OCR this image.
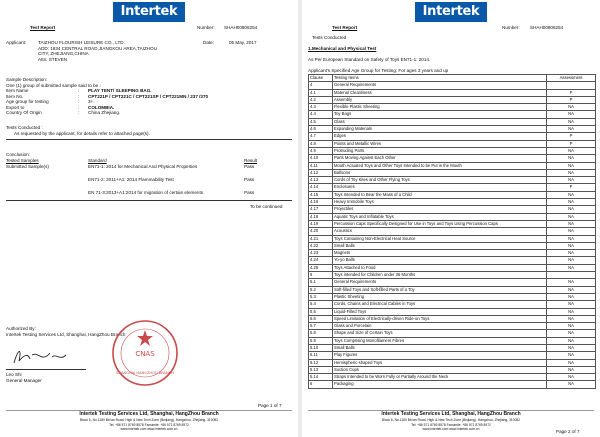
Intertek
Test Report	Number: SHAH00806254
Applicant:	TAIZHOU FLOURISH LEISURE CO., LTD.
ADD: 1934 CENTRAL ROAD,JIANGKOU AREA,TAIZHOU
CITY, ZHEJIANG,CHINA
Attn: STEVEN
Date:	05 May, 2017
Sample Description:
One (1) group of submitted sample said to be :
Item Name	: PLAY TENT/ SLEEPING BAG.
Item No.	: CPT221P / CPT221C / CPT221SP / CPT221MN / 237 /370
Age group for testing	: 3+.
Export to	: COLOMBIA.
Country Of Origin	: China Zhejiang.
Tests Conducted :
As requested by the applicant, for details refer to attached page(s).
Conclusion:
Tested Samples	Standard	Result
Submitted Sample(s)	EN71-1: 2014 for Mechanical And Physical Properties	Pass
EN71-2: 2011+A1: 2014 Flammability Test	Pass
EN 71-3:2013+A1:2014 for migration of certain elements	Pass
To be continued
Authorized By:
Intertek Testing Services Ltd, Shanghai, HangZhou Branch
Leo Shi
General Manager
CNAS
SHANGHAI HANGZHOU BRANCH
Page 1 of 7
Intertek Testing Services Ltd, Shanghai, HangZhou Branch
Block 6, No.1180 Bin'an Road, High & New Tech Zone (Binjiang), Hangzhou, Zhejiang, 310052
Tel: +86 571 8769 8578 Facsimile: +86 571 8769 8972
www.intertek.com www.intertek.com.cn
Intertek
Test Report	Number: SHAH00806254
Tests Conducted
1.Mechanical and Physical Test
As Per European Standard on Safety of Toys EN71-1: 2014.
Applicant's Specified Age Group for Testing: For ages 3 years and up
Clause	Testing Items	Assessment
4	General Requirements	
4.1	Material Cleanliness	P
4.2	Assembly	P
4.3	Flexible Plastic Sheeting	NA
4.4	Toy Bags	NA
4.5	Glass	NA
4.6	Expanding Materials	NA
4.7	Edges	P
4.8	Points and Metallic Wires	P
4.9	Protruding Parts	NA
4.10	Parts Moving Against Each Other	NA
4.11	Mouth Actuated Toys and Other Toys Intended to be Put in the Mouth	NA
4.12	Balloons	NA
4.13	Cords of Toy Kites and Other Flying Toys	NA
4.14	Enclosures	P
4.15	Toys Intended to Bear the Mass of a Child	NA
4.16	Heavy Immobile Toys	NA
4.17	Projectiles	NA
4.18	Aquatic Toys and Inflatable Toys	NA
4.19	Percussion Caps Specifically Designed for Use in Toys and Toys Using Percussion Caps	NA
4.20	Acoustics	NA
4.21	Toys Containing Non-Electrical Heat Source	NA
4.22	Small Balls	NA
4.23	Magnets	NA
4.24	Yo-yo Balls	NA
4.25	Toys Attached to Food	NA
5	Toys intended for Children under 36 Months	
5.1	General Requirements	NA
5.2	Soft-filled Toys and Soft-filled Parts of a Toy	NA
5.3	Plastic Sheeting	NA
5.4	Cords, Chains and Electrical Cables in Toys	NA
5.5	Liquid-Filled Toys	NA
5.6	Speed Limitation of Electrically-driven Ride-on Toys	NA
5.7	Glass and Porcelain	NA
5.8	Shape and Size of Certain Toys	NA
5.9	Toys Comprising Monofilament Fibres	NA
5.10	Small Balls	NA
5.11	Play Figures	NA
5.12	Hemispheric-shaped Toys	NA
5.13	Suction Cups	NA
5.14	Straps Intended to be Worn Fully or Partially Around the Neck	NA
6	Packaging	NA
Page 2 of 7
Intertek Testing Services Ltd, Shanghai, HangZhou Branch
Block 6, No.1180 Bin'an Road, High & New Tech Zone (Binjiang), Hangzhou, Zhejiang, 310052
Tel: +86 571 8769 8578 Facsimile: +86 571 8769 8972
www.intertek.com www.intertek.com.cn
